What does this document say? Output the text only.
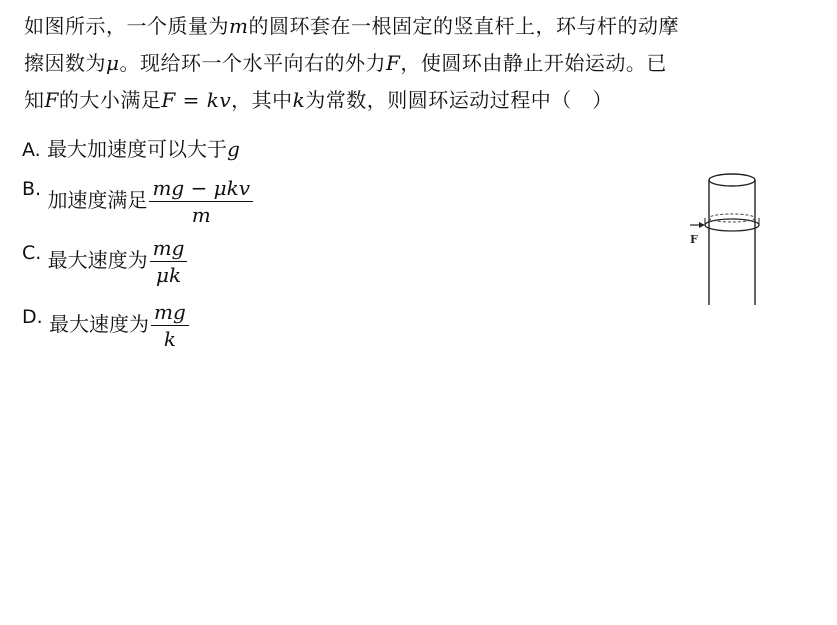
如图所示，一个质量为m的圆环套在一根固定的竖直杆上，环与杆的动摩
擦因数为μ。现给环一个水平向右的外力F，使圆环由静止开始运动。已
知F的大小满足F = kv，其中k为常数，则圆环运动过程中（　）
A. 最大加速度可以大于g
B. 加速度满足 $\frac{\text{mg − μkv}}{m}$
C. 最大速度为 $\frac{mg}{\mu k}$
D. 最大速度为 $\frac{mg}{k}$
F
